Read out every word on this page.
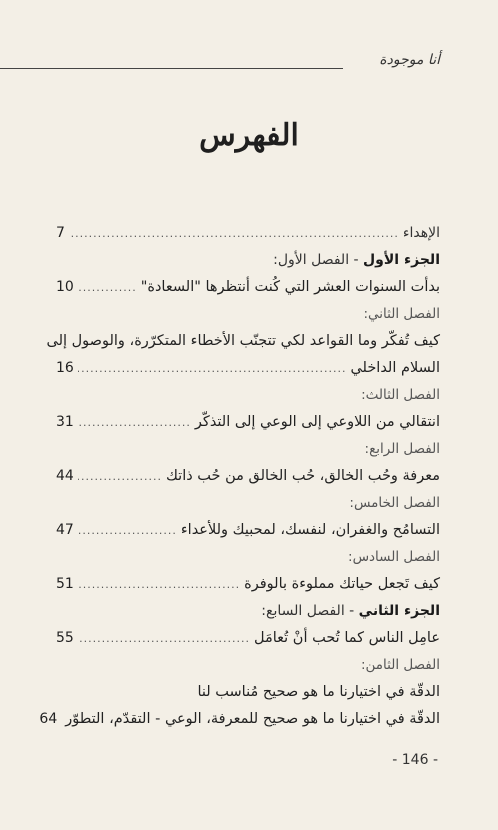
أنا موجودة
الفهرس
الإهداء
.....
7
الجزء الأول - الفصل الأول:
بدأت السنوات العشر التي كُنت أنتظرها "السعادة"
.....
10
الفصل الثاني:
كيف تُفكّر وما القواعد لكي تتجنّب الأخطاء المتكرّرة، والوصول إلى
السلام الداخلي
.....
16
الفصل الثالث:
انتقالي من اللاوعي إلى الوعي إلى التذكّر
.....
31
الفصل الرابع:
معرفة وحُب الخالق، حُب الخالق من حُب ذاتك
.....
44
الفصل الخامس:
التسامُح والغفران، لنفسك، لمحبيك وللأعداء
.....
47
الفصل السادس:
كيف تَجعل حياتك مملوءة بالوفرة
.....
51
الجزء الثاني - الفصل السابع:
عامِل الناس كما تُحب أنْ تُعامَل
.....
55
الفصل الثامن:
الدقّة في اختيارنا ما هو صحيح مُناسب لنا
الدقّة في اختيارنا ما هو صحيح للمعرفة، الوعي - التقدّم، التطوّر
64
- 146 -
